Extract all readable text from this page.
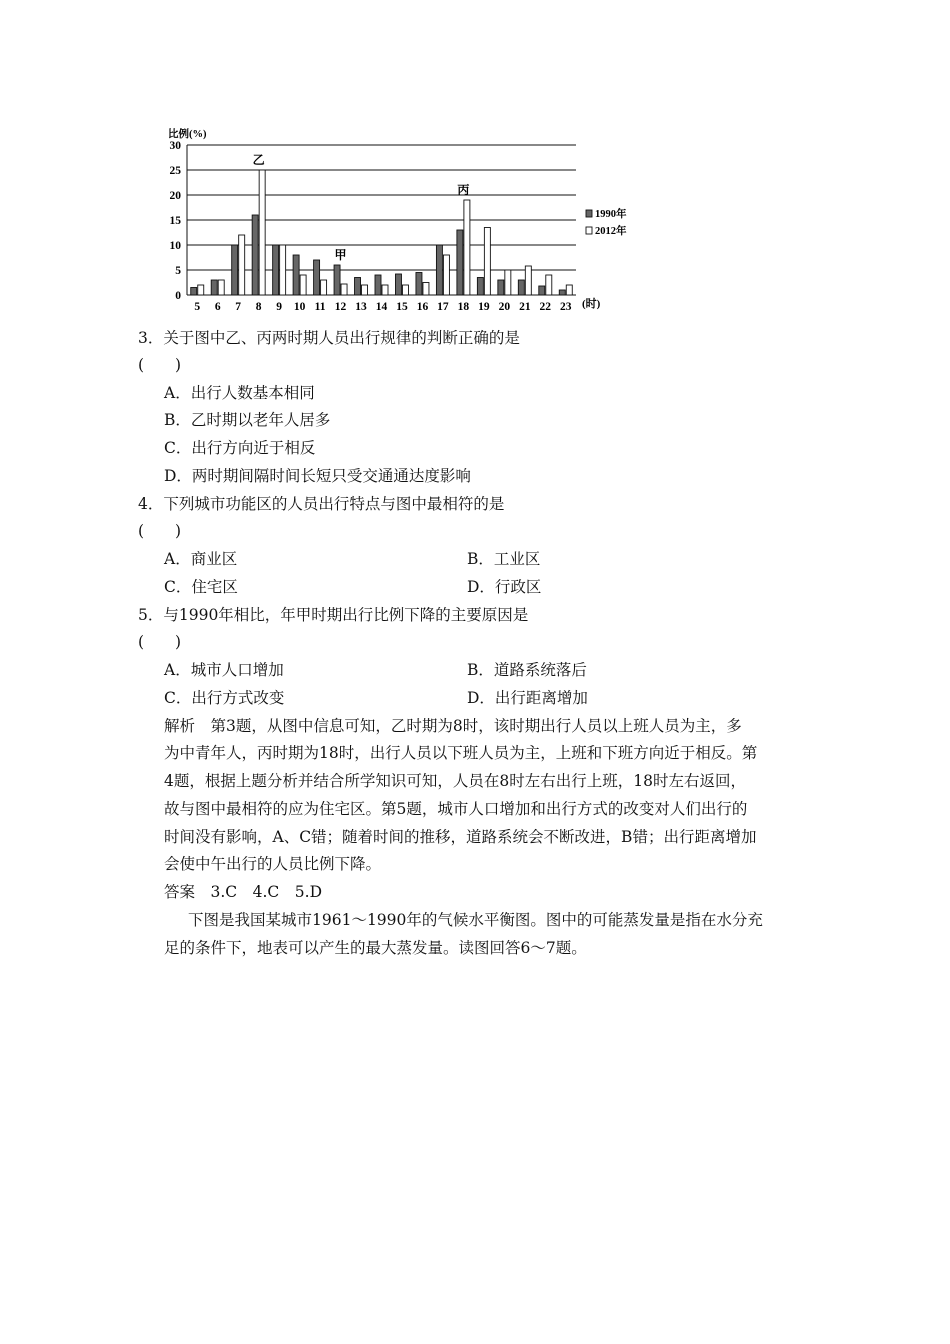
比例(%)
0
5
10
15
20
25
30
5 6 7 8 9 10 11 12 13 14 15 16 17 18 19 20 21 22 23 (时)
乙
甲
丙
1990年
2012年
3．关于图中乙、丙两时期人员出行规律的判断正确的是
(　　)
A．出行人数基本相同
B．乙时期以老年人居多
C．出行方向近于相反
D．两时期间隔时间长短只受交通通达度影响
4．下列城市功能区的人员出行特点与图中最相符的是
(　　)
A．商业区	B．工业区
C．住宅区	D．行政区
5．与1990年相比，年甲时期出行比例下降的主要原因是
(　　)
A．城市人口增加	B．道路系统落后
C．出行方式改变	D．出行距离增加
解析　第3题，从图中信息可知，乙时期为8时，该时期出行人员以上班人员为主，多
为中青年人，丙时期为18时，出行人员以下班人员为主，上班和下班方向近于相反。第
4题，根据上题分析并结合所学知识可知，人员在8时左右出行上班，18时左右返回，
故与图中最相符的应为住宅区。第5题，城市人口增加和出行方式的改变对人们出行的
时间没有影响，A、C错；随着时间的推移，道路系统会不断改进，B错；出行距离增加
会使中午出行的人员比例下降。
答案　3.C　4.C　5.D
下图是我国某城市1961～1990年的气候水平衡图。图中的可能蒸发量是指在水分充
足的条件下，地表可以产生的最大蒸发量。读图回答6～7题。
